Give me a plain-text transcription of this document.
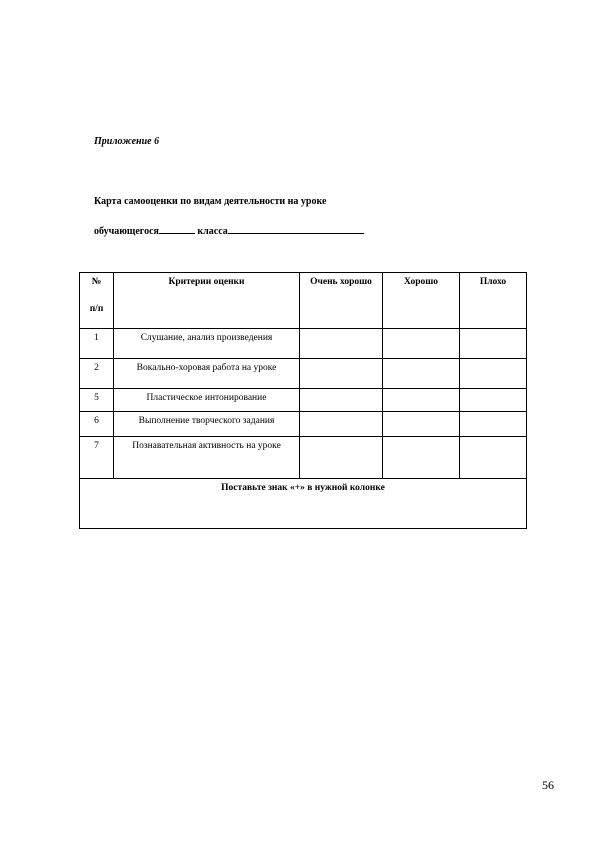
Приложение 6

Карта самооценки по видам деятельности на уроке

обучающегося	класса

№
п/п	Критерии оценки	Очень хорошо	Хорошо	Плохо
1	Слушание, анализ произведения			
2	Вокально-хоровая работа на уроке			
5	Пластическое интонирование			
6	Выполнение творческого задания			
7	Познавательная активность на уроке			
Поставьте знак «+» в нужной колонке				

56
